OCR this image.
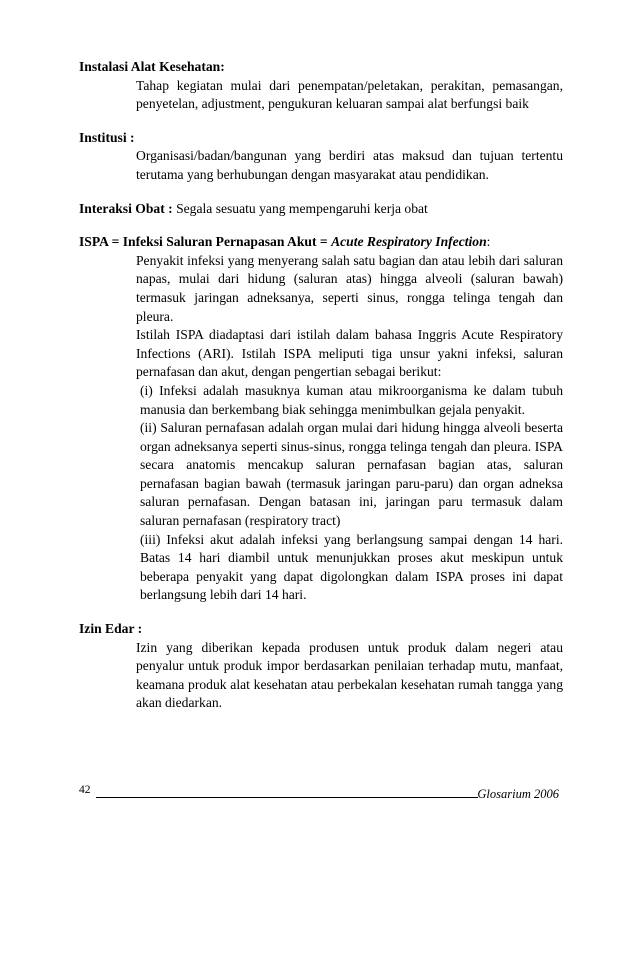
Instalasi Alat Kesehatan:
Tahap kegiatan mulai dari penempatan/peletakan, perakitan, pemasangan, penyetelan, adjustment, pengukuran keluaran sampai alat berfungsi baik
Institusi :
Organisasi/badan/bangunan yang berdiri atas maksud dan tujuan tertentu terutama yang berhubungan dengan masyarakat atau pendidikan.
Interaksi Obat : Segala sesuatu yang mempengaruhi kerja obat
ISPA = Infeksi Saluran Pernapasan Akut = Acute Respiratory Infection:

Penyakit infeksi yang menyerang salah satu bagian dan atau lebih dari saluran napas, mulai dari hidung (saluran atas) hingga alveoli (saluran bawah) termasuk jaringan adneksanya, seperti sinus, rongga telinga tengah dan pleura.

Istilah ISPA diadaptasi dari istilah dalam bahasa Inggris Acute Respiratory Infections (ARI). Istilah ISPA meliputi tiga unsur yakni infeksi, saluran pernafasan dan akut, dengan pengertian sebagai berikut:

(i) Infeksi adalah masuknya kuman atau mikroorganisma ke dalam tubuh manusia dan berkembang biak sehingga menimbulkan gejala penyakit.

(ii) Saluran pernafasan adalah organ mulai dari hidung hingga alveoli beserta organ adneksanya seperti sinus-sinus, rongga telinga tengah dan pleura. ISPA secara anatomis mencakup saluran pernafasan bagian atas, saluran pernafasan bagian bawah (termasuk jaringan paru-paru) dan organ adneksa saluran pernafasan. Dengan batasan ini, jaringan paru termasuk dalam saluran pernafasan (respiratory tract)

(iii) Infeksi akut adalah infeksi yang berlangsung sampai dengan 14 hari. Batas 14 hari diambil untuk menunjukkan proses akut meskipun untuk beberapa penyakit yang dapat digolongkan dalam ISPA proses ini dapat berlangsung lebih dari 14 hari.

Izin Edar :
Izin yang diberikan kepada produsen untuk produk dalam negeri atau penyalur untuk produk impor berdasarkan penilaian terhadap mutu, manfaat, keamana produk alat kesehatan atau perbekalan kesehatan rumah tangga yang akan diedarkan.
42	Glosarium 2006
